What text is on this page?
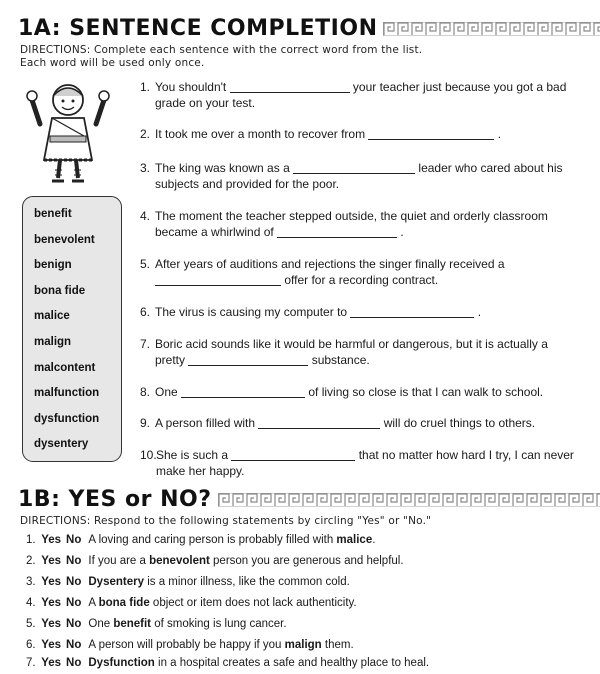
1A: SENTENCE COMPLETION
DIRECTIONS: Complete each sentence with the correct word from the list.
Each word will be used only once.
benefit
benevolent
benign
bona fide
malice
malign
malcontent
malfunction
dysfunction
dysentery
1. You shouldn't	your teacher just because you got a bad grade on your test.
2. It took me over a month to recover from	.
3. The king was known as a	leader who cared about his subjects and provided for the poor.
4. The moment the teacher stepped outside, the quiet and orderly classroom became a whirlwind of	.
5. After years of auditions and rejections the singer finally received a  offer for a recording contract.
6. The virus is causing my computer to	.
7. Boric acid sounds like it would be harmful or dangerous, but it is actually a pretty	substance.
8. One	of living so close is that I can walk to school.
9. A person filled with	will do cruel things to others.
10. She is such a	that no matter how hard I try, I can never make her happy.
1B: YES or NO?
DIRECTIONS: Respond to the following statements by circling "Yes" or "No."
1. Yes No A loving and caring person is probably filled with malice.
2. Yes No If you are a benevolent person you are generous and helpful.
3. Yes No Dysentery is a minor illness, like the common cold.
4. Yes No A bona fide object or item does not lack authenticity.
5. Yes No One benefit of smoking is lung cancer.
6. Yes No A person will probably be happy if you malign them.
7. Yes No Dysfunction in a hospital creates a safe and healthy place to heal.
